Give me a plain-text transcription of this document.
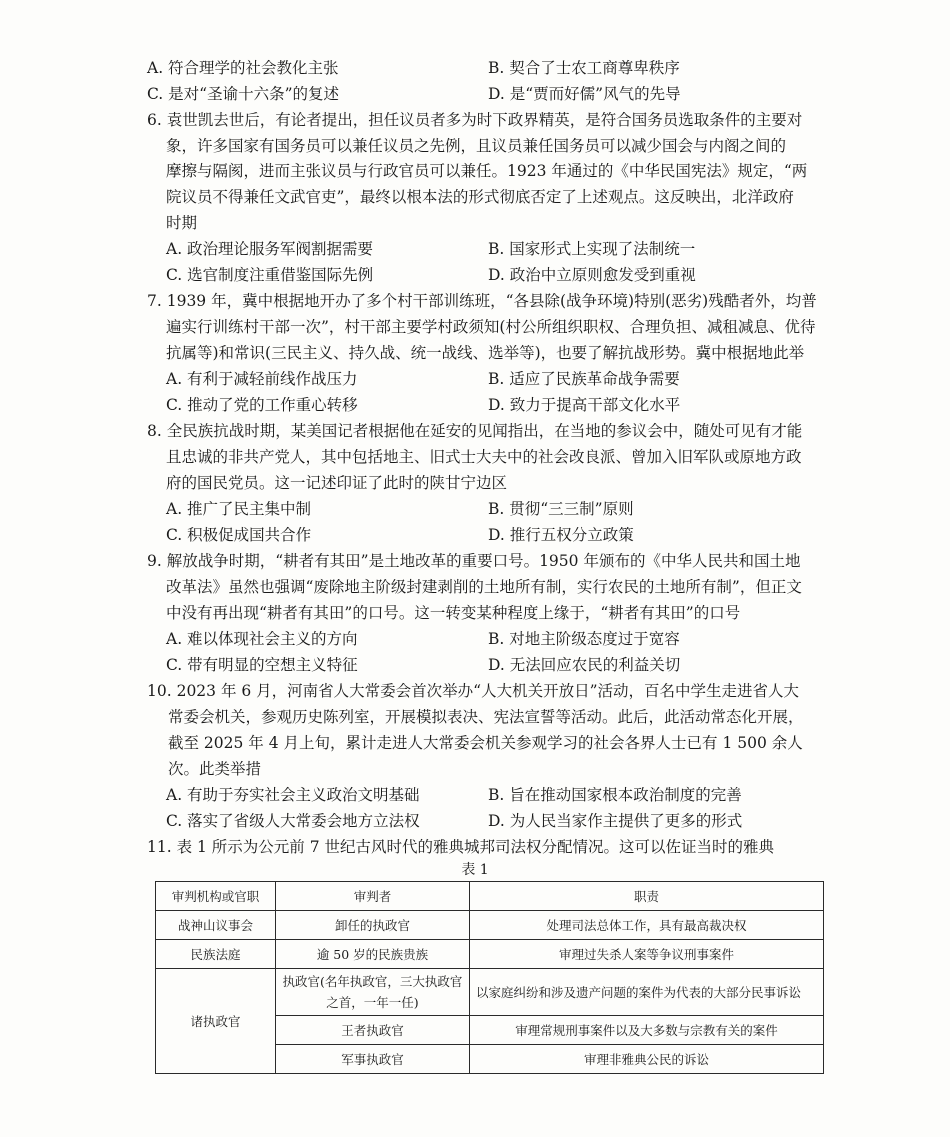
A. 符合理学的社会教化主张	B. 契合了士农工商尊卑秩序
C. 是对“圣谕十六条”的复述	D. 是“贾而好儒”风气的先导
6. 袁世凯去世后，有论者提出，担任议员者多为时下政界精英，是符合国务员选取条件的主要对
象，许多国家有国务员可以兼任议员之先例，且议员兼任国务员可以减少国会与内阁之间的
摩擦与隔阂，进而主张议员与行政官员可以兼任。1923 年通过的《中华民国宪法》规定，“两
院议员不得兼任文武官吏”，最终以根本法的形式彻底否定了上述观点。这反映出，北洋政府
时期
A. 政治理论服务军阀割据需要	B. 国家形式上实现了法制统一
C. 选官制度注重借鉴国际先例	D. 政治中立原则愈发受到重视
7. 1939 年，冀中根据地开办了多个村干部训练班，“各县除(战争环境)特别(恶劣)残酷者外，均普
遍实行训练村干部一次”，村干部主要学村政须知(村公所组织职权、合理负担、减租减息、优待
抗属等)和常识(三民主义、持久战、统一战线、选举等)，也要了解抗战形势。冀中根据地此举
A. 有利于减轻前线作战压力	B. 适应了民族革命战争需要
C. 推动了党的工作重心转移	D. 致力于提高干部文化水平
8. 全民族抗战时期，某美国记者根据他在延安的见闻指出，在当地的参议会中，随处可见有才能
且忠诚的非共产党人，其中包括地主、旧式士大夫中的社会改良派、曾加入旧军队或原地方政
府的国民党员。这一记述印证了此时的陕甘宁边区
A. 推广了民主集中制	B. 贯彻“三三制”原则
C. 积极促成国共合作	D. 推行五权分立政策
9. 解放战争时期，“耕者有其田”是土地改革的重要口号。1950 年颁布的《中华人民共和国土地
改革法》虽然也强调“废除地主阶级封建剥削的土地所有制，实行农民的土地所有制”，但正文
中没有再出现“耕者有其田”的口号。这一转变某种程度上缘于，“耕者有其田”的口号
A. 难以体现社会主义的方向	B. 对地主阶级态度过于宽容
C. 带有明显的空想主义特征	D. 无法回应农民的利益关切
10. 2023 年 6 月，河南省人大常委会首次举办“人大机关开放日”活动，百名中学生走进省人大
常委会机关，参观历史陈列室，开展模拟表决、宪法宣誓等活动。此后，此活动常态化开展，
截至 2025 年 4 月上旬，累计走进人大常委会机关参观学习的社会各界人士已有 1 500 余人
次。此类举措
A. 有助于夯实社会主义政治文明基础	B. 旨在推动国家根本政治制度的完善
C. 落实了省级人大常委会地方立法权	D. 为人民当家作主提供了更多的形式
11. 表 1 所示为公元前 7 世纪古风时代的雅典城邦司法权分配情况。这可以佐证当时的雅典
表 1
审判机构或官职	审判者	职责
战神山议事会	卸任的执政官	处理司法总体工作，具有最高裁决权
民族法庭	逾 50 岁的民族贵族	审理过失杀人案等争议刑事案件
诸执政官	执政官(名年执政官，三大执政官之首，一年一任)	以家庭纠纷和涉及遗产问题的案件为代表的大部分民事诉讼
	王者执政官	审理常规刑事案件以及大多数与宗教有关的案件
	军事执政官	审理非雅典公民的诉讼
